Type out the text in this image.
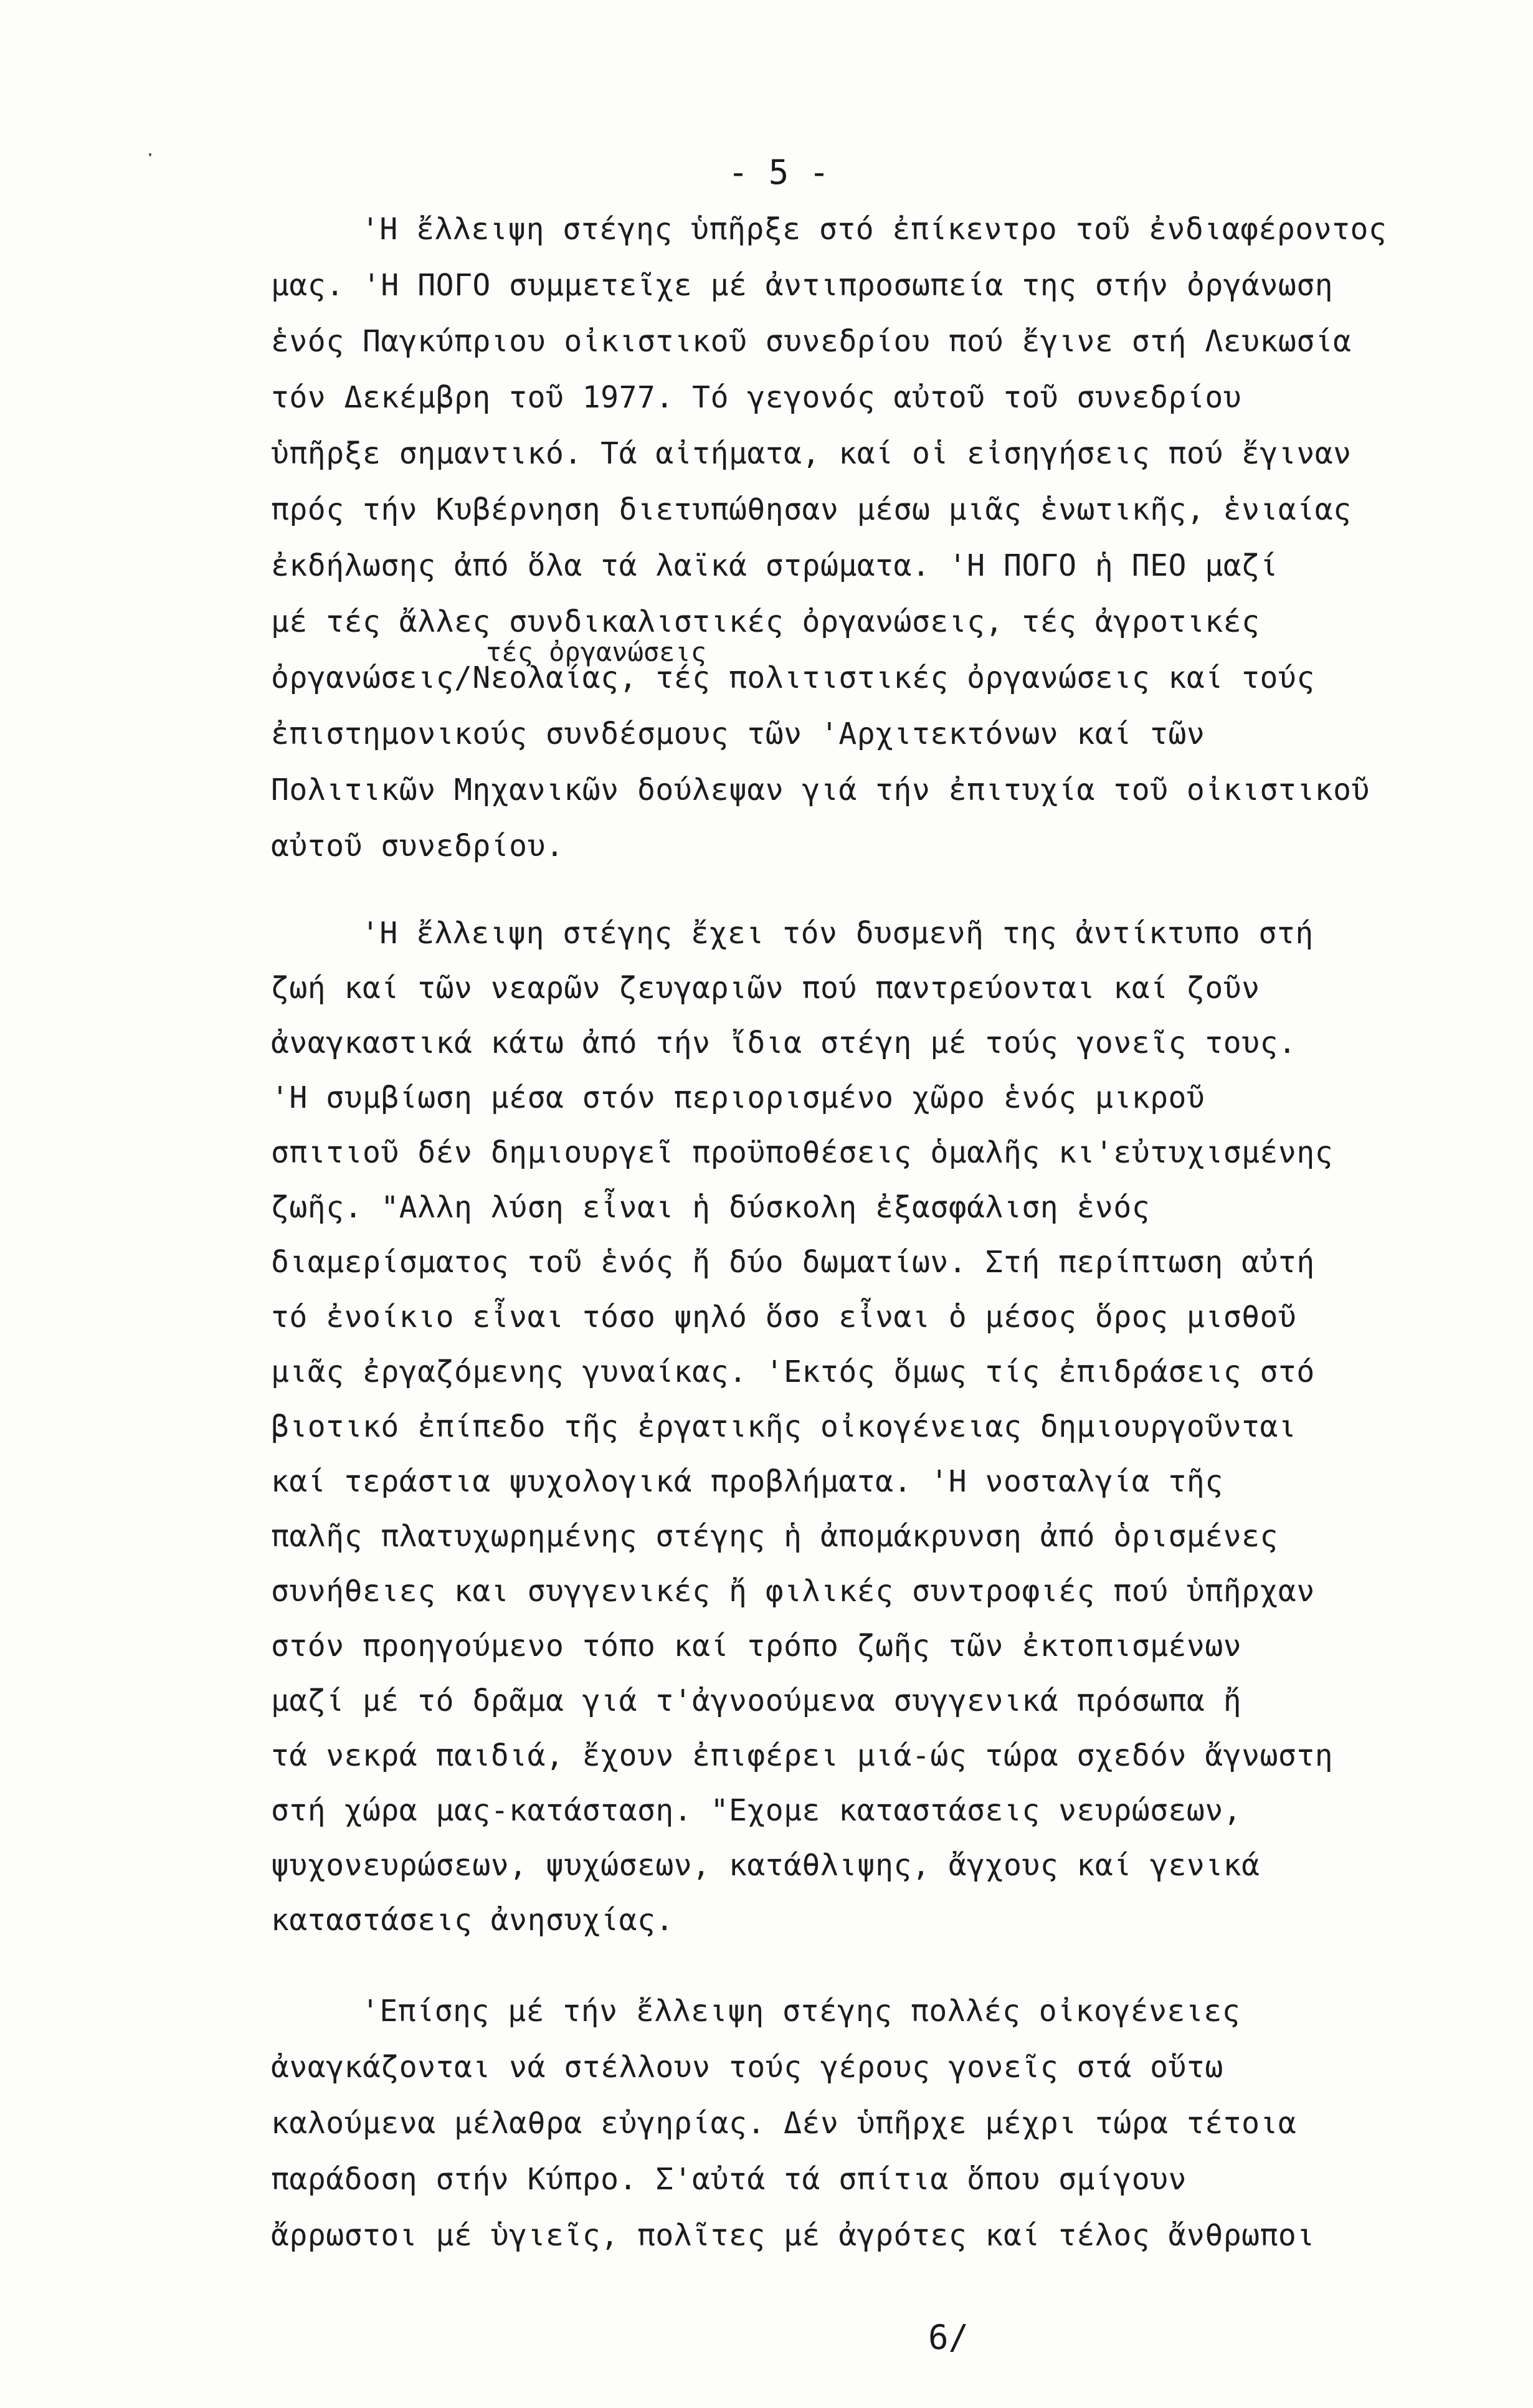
·	- 5 -
'Η ἔλλειψη στέγης ὑπῆρξε στό ἐπίκεντρο τοῦ ἐνδιαφέροντος
μας. 'Η ΠΟΓΟ συμμετεῖχε μέ ἀντιπροσωπεία της στήν ὀργάνωση
ἑνός Παγκύπριου οἰκιστικοῦ συνεδρίου πού ἔγινε στή Λευκωσία
τόν Δεκέμβρη τοῦ 1977. Τό γεγονός αὐτοῦ τοῦ συνεδρίου
ὑπῆρξε σημαντικό. Τά αἰτήματα, καί οἱ εἰσηγήσεις πού ἔγιναν
πρός τήν Κυβέρνηση διετυπώθησαν μέσω μιᾶς ἑνωτικῆς, ἑνιαίας
ἐκδήλωσης ἀπό ὅλα τά λαϊκά στρώματα. 'Η ΠΟΓΟ ἡ ΠΕΟ μαζί
μέ τές ἄλλες συνδικαλιστικές ὀργανώσεις, τές ἀγροτικές
τές ὀργανώσεις
ὀργανώσεις/Νεολαίας, τές πολιτιστικές ὀργανώσεις καί τούς
ἐπιστημονικούς συνδέσμους τῶν 'Αρχιτεκτόνων καί τῶν
Πολιτικῶν Μηχανικῶν δούλεψαν γιά τήν ἐπιτυχία τοῦ οἰκιστικοῦ
αὐτοῦ συνεδρίου.
'Η ἔλλειψη στέγης ἔχει τόν δυσμενῆ της ἀντίκτυπο στή
ζωή καί τῶν νεαρῶν ζευγαριῶν πού παντρεύονται καί ζοῦν
ἀναγκαστικά κάτω ἀπό τήν ἴδια στέγη μέ τούς γονεῖς τους.
'Η συμβίωση μέσα στόν περιορισμένο χῶρο ἑνός μικροῦ
σπιτιοῦ δέν δημιουργεῖ προϋποθέσεις ὁμαλῆς κι'εὐτυχισμένης
ζωῆς. "Αλλη λύση εἶναι ἡ δύσκολη ἐξασφάλιση ἑνός
διαμερίσματος τοῦ ἑνός ἤ δύο δωματίων. Στή περίπτωση αὐτή
τό ἐνοίκιο εἶναι τόσο ψηλό ὅσο εἶναι ὁ μέσος ὅρος μισθοῦ
μιᾶς ἐργαζόμενης γυναίκας. 'Εκτός ὅμως τίς ἐπιδράσεις στό
βιοτικό ἐπίπεδο τῆς ἐργατικῆς οἰκογένειας δημιουργοῦνται
καί τεράστια ψυχολογικά προβλήματα. 'Η νοσταλγία τῆς
παλῆς πλατυχωρημένης στέγης ἡ ἀπομάκρυνση ἀπό ὁρισμένες
συνήθειες και συγγενικές ἤ φιλικές συντροφιές πού ὑπῆρχαν
στόν προηγούμενο τόπο καί τρόπο ζωῆς τῶν ἐκτοπισμένων
μαζί μέ τό δρᾶμα γιά τ'ἀγνοούμενα συγγενικά πρόσωπα ἤ
τά νεκρά παιδιά, ἔχουν ἐπιφέρει μιά-ώς τώρα σχεδόν ἄγνωστη
στή χώρα μας-κατάσταση. "Εχομε καταστάσεις νευρώσεων,
ψυχονευρώσεων, ψυχώσεων, κατάθλιψης, ἄγχους καί γενικά
καταστάσεις ἀνησυχίας.
'Επίσης μέ τήν ἔλλειψη στέγης πολλές οἰκογένειες
ἀναγκάζονται νά στέλλουν τούς γέρους γονεῖς στά οὕτω
καλούμενα μέλαθρα εὐγηρίας. Δέν ὑπῆρχε μέχρι τώρα τέτοια
παράδοση στήν Κύπρο. Σ'αὐτά τά σπίτια ὅπου σμίγουν
ἄρρωστοι μέ ὑγιεῖς, πολῖτες μέ ἀγρότες καί τέλος ἄνθρωποι
6/
